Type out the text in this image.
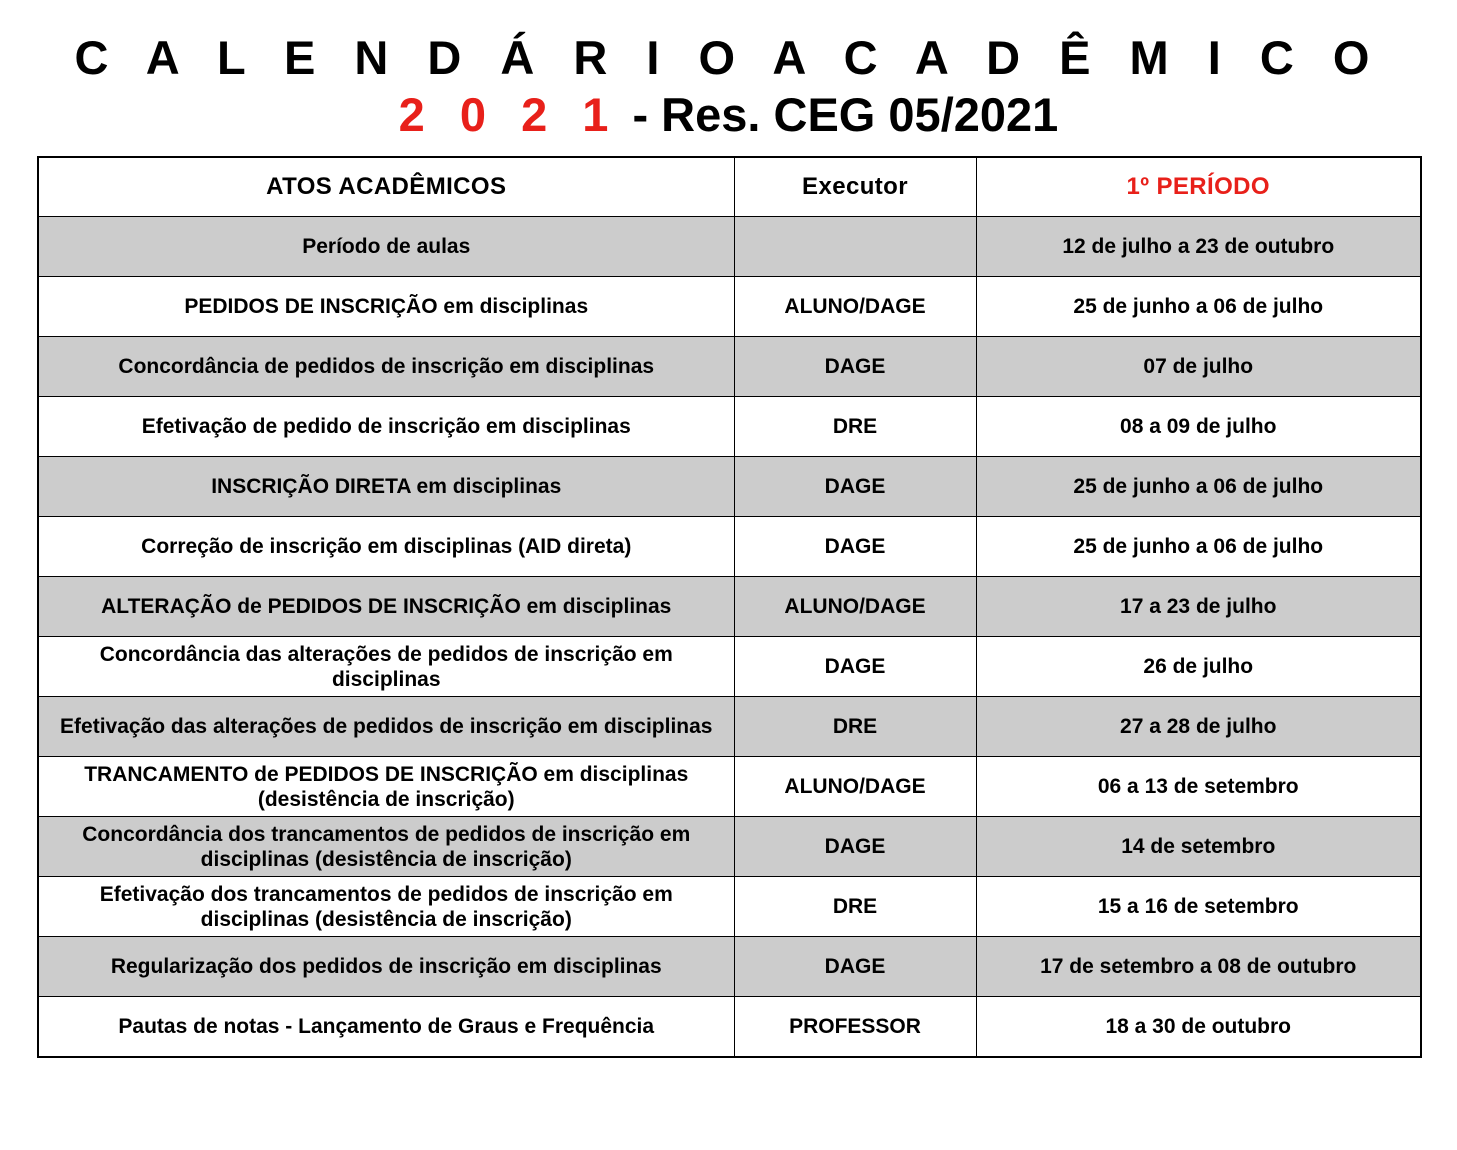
C A L E N D Á R I O A C A D Ê M I C O
2 0 2 1 - Res. CEG 05/2021
ATOS ACADÊMICOS	Executor	1º PERÍODO
Período de aulas		12 de julho a 23 de outubro
PEDIDOS DE INSCRIÇÃO em disciplinas	ALUNO/DAGE	25 de junho a 06 de julho
Concordância de pedidos de inscrição em disciplinas	DAGE	07 de julho
Efetivação de pedido de inscrição em disciplinas	DRE	08 a 09 de julho
INSCRIÇÃO DIRETA em disciplinas	DAGE	25 de junho a 06 de julho
Correção de inscrição em disciplinas (AID direta)	DAGE	25 de junho a 06 de julho
ALTERAÇÃO de PEDIDOS DE INSCRIÇÃO em disciplinas	ALUNO/DAGE	17 a 23 de julho
Concordância das alterações de pedidos de inscrição em disciplinas	DAGE	26 de julho
Efetivação das alterações de pedidos de inscrição em disciplinas	DRE	27 a 28 de julho
TRANCAMENTO de PEDIDOS DE INSCRIÇÃO em disciplinas (desistência de inscrição)	ALUNO/DAGE	06 a 13 de setembro
Concordância dos trancamentos de pedidos de inscrição em disciplinas (desistência de inscrição)	DAGE	14 de setembro
Efetivação dos trancamentos de pedidos de inscrição em disciplinas (desistência de inscrição)	DRE	15 a 16 de setembro
Regularização dos pedidos de inscrição em disciplinas	DAGE	17 de setembro a 08 de outubro
Pautas de notas - Lançamento de Graus e Frequência	PROFESSOR	18 a 30 de outubro
